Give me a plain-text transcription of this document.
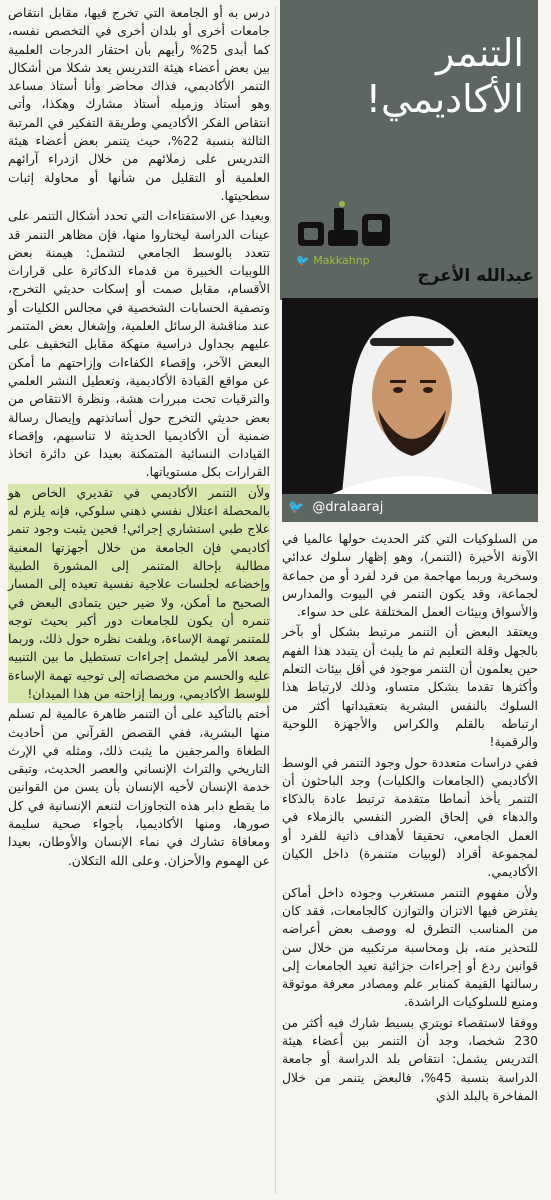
التنمر
الأكاديمي!
🐦 Makkahnp
عبدالله الأعرج
🐦 @dralaaraj

درس به أو الجامعة التي تخرج فيها، مقابل انتقاص جامعات أخرى أو بلدان أخرى في التخصص نفسه، كما أبدى 25% رأيهم بأن احتقار الدرجات العلمية بين بعض أعضاء هيئة التدريس يعد شكلا من أشكال التنمر الأكاديمي، فذاك محاضر وأنا أستاذ مساعد وهو أستاذ وزميله أستاذ مشارك وهكذا، وأتى انتقاص الفكر الأكاديمي وطريقة التفكير في المرتبة الثالثة بنسبة 22%، حيث يتنمر بعض أعضاء هيئة التدريس على زملائهم من خلال ازدراء آرائهم العلمية أو التقليل من شأنها أو محاولة إثبات سطحيتها.

وبعيدا عن الاستفتاءات التي تحدد أشكال التنمر على عينات الدراسة ليختاروا منها، فإن مظاهر التنمر قد تتعدد بالوسط الجامعي لتشمل: هيمنة بعض اللوبيات الخبيرة من قدماء الدكاترة على قرارات الأقسام، مقابل صمت أو إسكات حديثي التخرج، وتصفية الحسابات الشخصية في مجالس الكليات أو عند مناقشة الرسائل العلمية، وإشغال بعض المتنمر عليهم بجداول دراسية منهكة مقابل التخفيف على البعض الآخر، وإقصاء الكفاءات وإزاحتهم ما أمكن عن مواقع القيادة الأكاديمية، وتعطيل النشر العلمي والترقيات تحت مبررات هشة، ونظرة الانتقاص من بعض حديثي التخرج حول أساتذتهم وإيصال رسالة ضمنية أن الأكاديميا الحديثة لا تناسبهم، وإقصاء القيادات النسائية المتمكنة بعيدا عن دائرة اتخاذ القرارات بكل مستوياتها.

ولأن التنمر الأكاديمي في تقديري الخاص هو بالمحصلة اعتلال نفسي ذهني سلوكي، فإنه يلزم له علاج طبي استشاري إجرائي! فحين يثبت وجود تنمر أكاديمي فإن الجامعة من خلال أجهزتها المعنية مطالبة بإحالة المتنمر إلى المشورة الطبية وإخضاعه لجلسات علاجية نفسية تعيده إلى المسار الصحيح ما أمكن، ولا ضير حين يتمادى البعض في تنمره أن يكون للجامعات دور أكبر بحيث توجه للمتنمر تهمة الإساءة، ويلفت نظره حول ذلك، وربما يصعد الأمر ليشمل إجراءات تستطيل ما بين التنبيه عليه والحسم من مخصصاته إلى توجيه تهمة الإساءة للوسط الأكاديمي، وربما إزاحته من هذا الميدان!

أختم بالتأكيد على أن التنمر ظاهرة عالمية لم تسلم منها البشرية، ففي القصص القرآني من أحاديث الطغاة والمرجفين ما يثبت ذلك، ومثله في الإرث التاريخي والتراث الإنساني والعصر الحديث، وتبقى خدمة الإنسان لأخيه الإنسان بأن يسن من القوانين ما يقطع دابر هذه التجاوزات لتنعم الإنسانية في كل صورها، ومنها الأكاديميا، بأجواء صحية سليمة ومعافاة تشارك في نماء الإنسان والأوطان، بعيدا عن الهموم والأحزان. وعلى الله التكلان.

من السلوكيات التي كثر الحديث حولها عالميا في الآونة الأخيرة (التنمر)، وهو إظهار سلوك عدائي وسخرية وربما مهاجمة من فرد لفرد أو من جماعة لجماعة، وقد يكون التنمر في البيوت والمدارس والأسواق وبيئات العمل المختلفة على حد سواء.

ويعتقد البعض أن التنمر مرتبط بشكل أو بآخر بالجهل وقلة التعليم ثم ما يلبث أن يتبدد هذا الفهم حين يعلمون أن التنمر موجود في أقل بيئات التعلم وأكثرها تقدما بشكل متساو، وذلك لارتباط هذا السلوك بالنفس البشرية بتعقيداتها أكثر من ارتباطه بالقلم والكراس والأجهزة اللوحية والرقمية!

ففي دراسات متعددة حول وجود التنمر في الوسط الأكاديمي (الجامعات والكليات) وجد الباحثون أن التنمر يأخذ أنماطا متقدمة ترتبط عادة بالذكاء والدهاء في إلحاق الضرر النفسي بالزملاء في العمل الجامعي، تحقيقا لأهداف ذاتية للفرد أو لمجموعة أفراد (لوبيات متنمرة) داخل الكيان الأكاديمي.

ولأن مفهوم التنمر مستغرب وجوده داخل أماكن يفترض فيها الاتزان والتوازن كالجامعات، فقد كان من المناسب التطرق له ووصف بعض أعراضه للتحذير منه، بل ومحاسبة مرتكبيه من خلال سن قوانين ردع أو إجراءات جزائية تعيد الجامعات إلى رسالتها القيمة كمنابر علم ومصادر معرفة موثوقة ومنبع للسلوكيات الراشدة.

ووفقا لاستقصاء تويتري بسيط شارك فيه أكثر من 230 شخصا، وجد أن التنمر بين أعضاء هيئة التدريس يشمل: انتقاص بلد الدراسة أو جامعة الدراسة بنسبة 45%، فالبعض يتنمر من خلال المفاخرة بالبلد الذي
